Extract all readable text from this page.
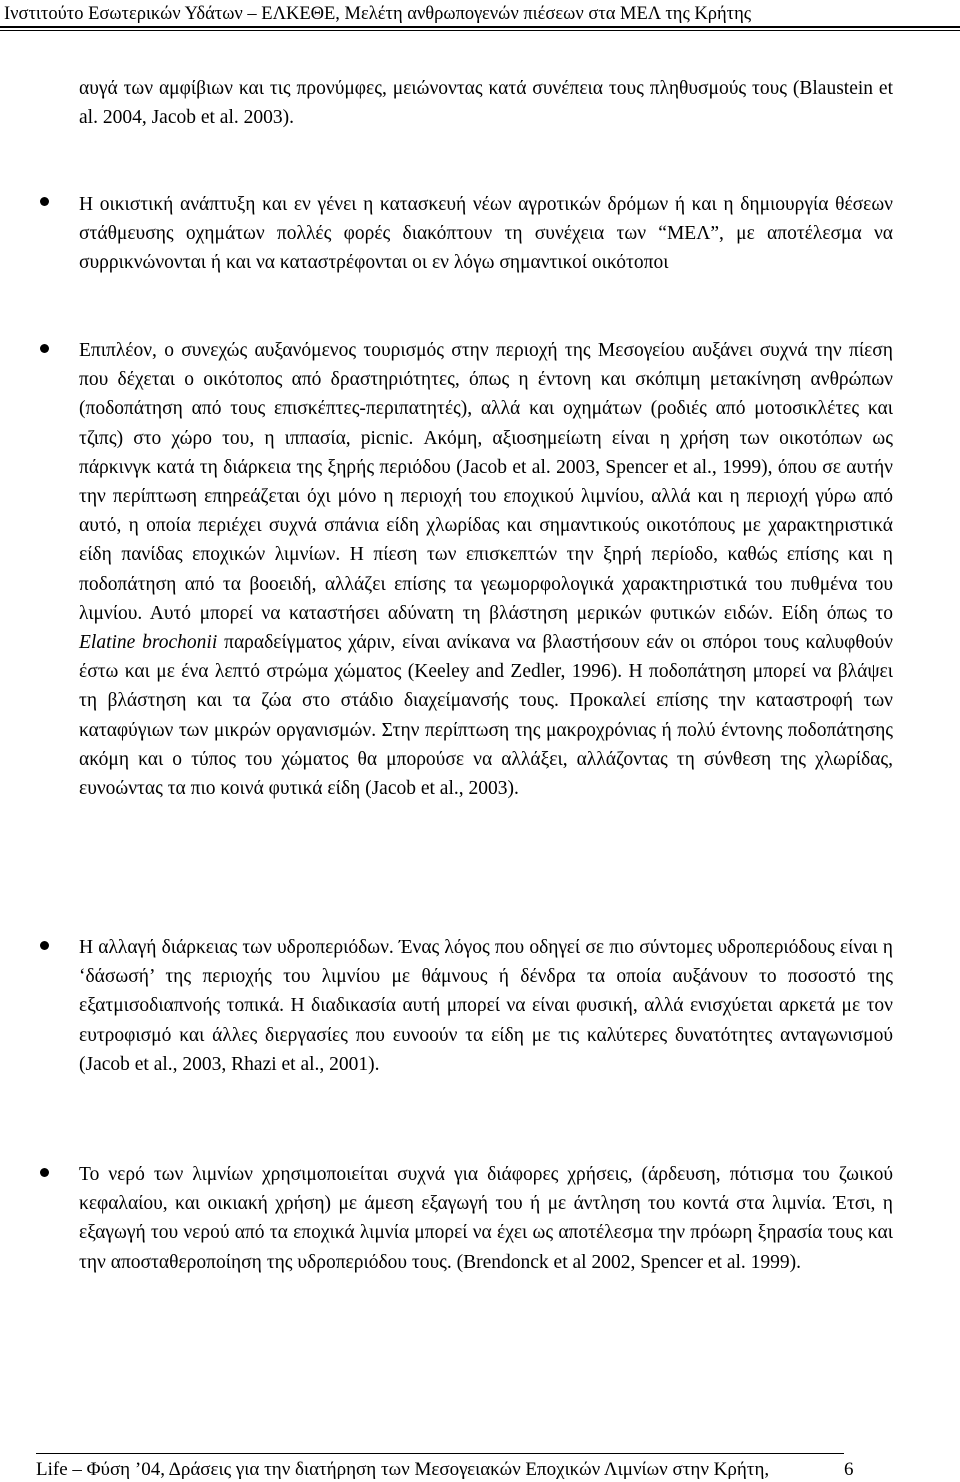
Ινστιτούτο Εσωτερικών Υδάτων – ΕΛΚΕΘΕ, Μελέτη ανθρωπογενών πιέσεων στα ΜΕΛ της Κρήτης

αυγά των αμφίβιων και τις προνύμφες, μειώνοντας κατά συνέπεια τους πληθυσμούς τους (Blaustein et al. 2004, Jacob et al. 2003).

Η οικιστική ανάπτυξη και εν γένει η κατασκευή νέων αγροτικών δρόμων ή και η δημιουργία θέσεων στάθμευσης οχημάτων πολλές φορές διακόπτουν τη συνέχεια των “ΜΕΛ”, με αποτέλεσμα να συρρικνώνονται ή και να καταστρέφονται οι εν λόγω σημαντικοί οικότοποι

Επιπλέον, ο συνεχώς αυξανόμενος τουρισμός στην περιοχή της Μεσογείου αυξάνει συχνά την πίεση που δέχεται ο οικότοπος από δραστηριότητες, όπως η έντονη και σκόπιμη μετακίνηση ανθρώπων (ποδοπάτηση από τους επισκέπτες-περιπατητές), αλλά και οχημάτων (ροδιές από μοτοσικλέτες και τζιπς) στο χώρο του, η ιππασία, picnic. Ακόμη, αξιοσημείωτη είναι η χρήση των οικοτόπων ως πάρκινγκ κατά τη διάρκεια της ξηρής περιόδου (Jacob et al. 2003, Spencer et al., 1999), όπου σε αυτήν την περίπτωση επηρεάζεται όχι μόνο η περιοχή του εποχικού λιμνίου, αλλά και η περιοχή γύρω από αυτό, η οποία περιέχει συχνά σπάνια είδη χλωρίδας και σημαντικούς οικοτόπους με χαρακτηριστικά είδη πανίδας εποχικών λιμνίων. Η πίεση των επισκεπτών την ξηρή περίοδο, καθώς επίσης και η ποδοπάτηση από τα βοοειδή, αλλάζει επίσης τα γεωμορφολογικά χαρακτηριστικά του πυθμένα του λιμνίου. Αυτό μπορεί να καταστήσει αδύνατη τη βλάστηση μερικών φυτικών ειδών. Είδη όπως το Elatine brochonii παραδείγματος χάριν, είναι ανίκανα να βλαστήσουν εάν οι σπόροι τους καλυφθούν έστω και με ένα λεπτό στρώμα χώματος (Keeley and Zedler, 1996). Η ποδοπάτηση μπορεί να βλάψει τη βλάστηση και τα ζώα στο στάδιο διαχείμανσής τους. Προκαλεί επίσης την καταστροφή των καταφύγιων των μικρών οργανισμών. Στην περίπτωση της μακροχρόνιας ή πολύ έντονης ποδοπάτησης ακόμη και ο τύπος του χώματος θα μπορούσε να αλλάξει, αλλάζοντας τη σύνθεση της χλωρίδας, ευνοώντας τα πιο κοινά φυτικά είδη (Jacob et al., 2003).

Η αλλαγή διάρκειας των υδροπεριόδων. Ένας λόγος που οδηγεί σε πιο σύντομες υδροπεριόδους είναι η ‘δάσωσή’ της περιοχής του λιμνίου με θάμνους ή δένδρα τα οποία αυξάνουν το ποσοστό της εξατμισοδιαπνοής τοπικά. Η διαδικασία αυτή μπορεί να είναι φυσική, αλλά ενισχύεται αρκετά με τον ευτροφισμό και άλλες διεργασίες που ευνοούν τα είδη με τις καλύτερες δυνατότητες ανταγωνισμού (Jacob et al., 2003, Rhazi et al., 2001).

Το νερό των λιμνίων χρησιμοποιείται συχνά για διάφορες χρήσεις, (άρδευση, πότισμα του ζωικού κεφαλαίου, και οικιακή χρήση) με άμεση εξαγωγή του ή με άντληση του κοντά στα λιμνία. Έτσι, η εξαγωγή του νερού από τα εποχικά λιμνία μπορεί να έχει ως αποτέλεσμα την πρόωρη ξηρασία τους και την αποσταθεροποίηση της υδροπεριόδου τους. (Brendonck et al 2002, Spencer et al. 1999).

Life – Φύση ’04, Δράσεις για την διατήρηση των Μεσογειακών Εποχικών Λιμνίων στην Κρήτη,	6
